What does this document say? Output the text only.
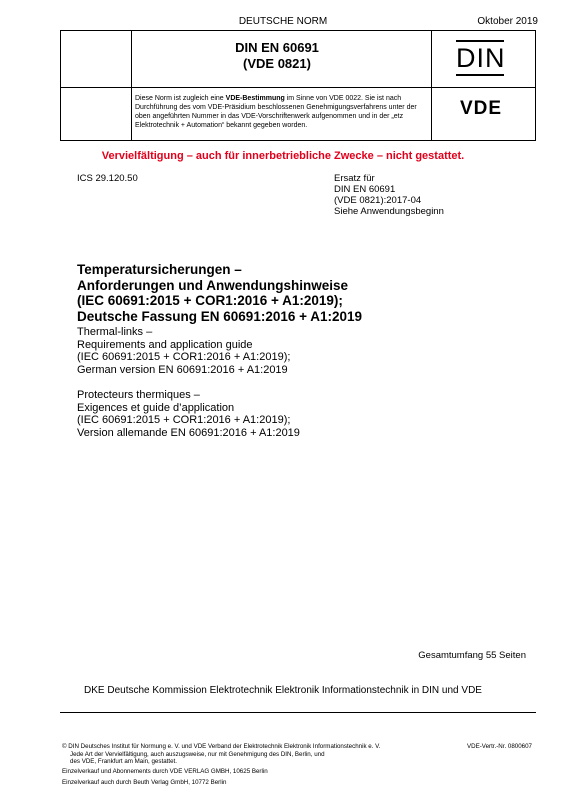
DEUTSCHE NORM	Oktober 2019
DIN EN 60691
(VDE 0821)
Diese Norm ist zugleich eine VDE-Bestimmung im Sinne von VDE 0022. Sie ist nach Durchführung des vom VDE-Präsidium beschlossenen Genehmigungsverfahrens unter der oben angeführten Nummer in das VDE-Vorschriftenwerk aufgenommen und in der „etz Elektrotechnik + Automation“ bekannt gegeben worden.
DIN
VDE
Vervielfältigung – auch für innerbetriebliche Zwecke – nicht gestattet.
ICS 29.120.50	Ersatz für
DIN EN 60691
(VDE 0821):2017-04
Siehe Anwendungsbeginn
Temperatursicherungen –
Anforderungen und Anwendungshinweise
(IEC 60691:2015 + COR1:2016 + A1:2019);
Deutsche Fassung EN 60691:2016 + A1:2019
Thermal-links –
Requirements and application guide
(IEC 60691:2015 + COR1:2016 + A1:2019);
German version EN 60691:2016 + A1:2019
Protecteurs thermiques –
Exigences et guide d’application
(IEC 60691:2015 + COR1:2016 + A1:2019);
Version allemande EN 60691:2016 + A1:2019
Gesamtumfang 55 Seiten
DKE Deutsche Kommission Elektrotechnik Elektronik Informationstechnik in DIN und VDE
© DIN Deutsches Institut für Normung e. V. und VDE Verband der Elektrotechnik Elektronik Informationstechnik e. V.
Jede Art der Vervielfältigung, auch auszugsweise, nur mit Genehmigung des DIN, Berlin, und
des VDE, Frankfurt am Main, gestattet.
VDE-Vertr.-Nr. 0800607
Einzelverkauf und Abonnements durch VDE VERLAG GMBH, 10625 Berlin
Einzelverkauf auch durch Beuth Verlag GmbH, 10772 Berlin
